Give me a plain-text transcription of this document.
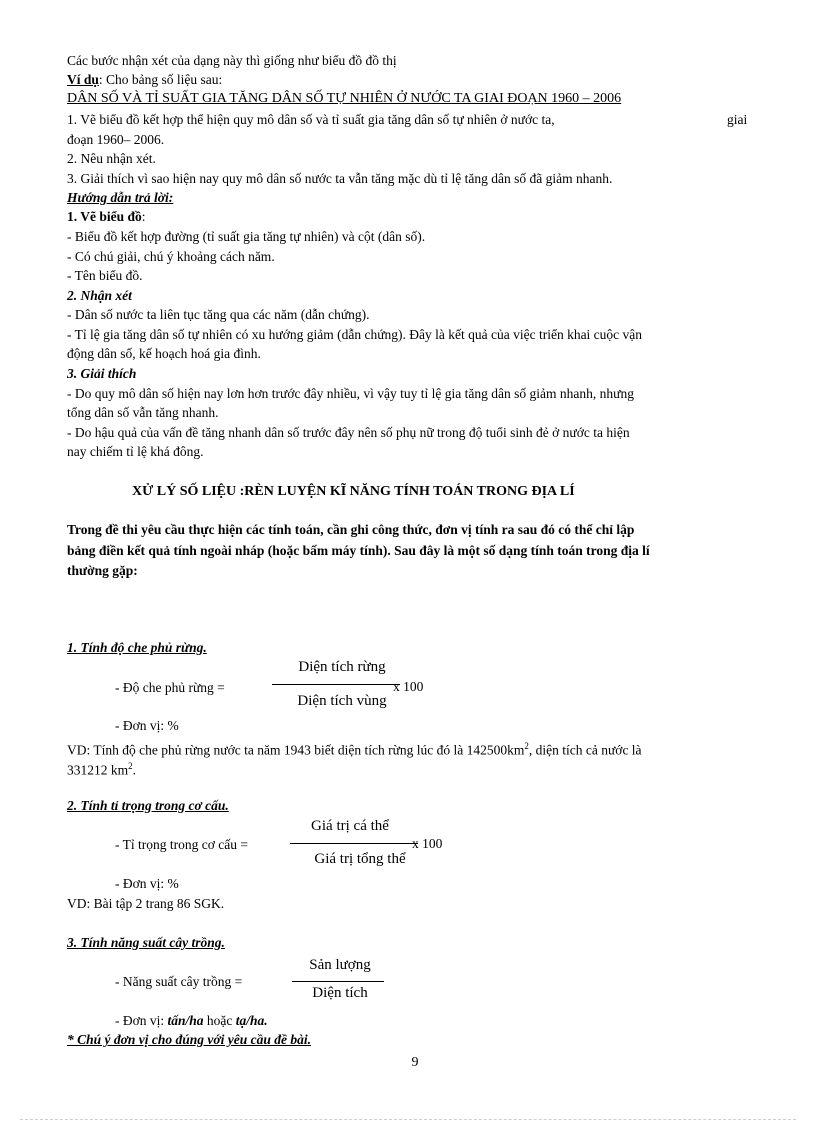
Các bước nhận xét của dạng này thì giống như biểu đồ đồ thị
Ví dụ: Cho bảng số liệu sau:
DÂN SỐ VÀ TỈ SUẤT GIA TĂNG DÂN SỐ TỰ NHIÊN Ở NƯỚC TA GIAI ĐOẠN 1960 – 2006
1. Vẽ biểu đồ kết hợp thể hiện quy mô dân số và tỉ suất gia tăng dân số tự nhiên ở nước ta,	giai
đoạn 1960– 2006.
2. Nêu nhận xét.
3. Giải thích vì sao hiện nay quy mô dân số nước ta vẫn tăng mặc dù tỉ lệ tăng dân số đã giảm nhanh.
Hướng dẫn trả lời:
1. Vẽ biểu đồ:
- Biểu đồ kết hợp đường (tỉ suất gia tăng tự nhiên) và cột (dân số).
- Có chú giải, chú ý khoảng cách năm.
- Tên biểu đồ.
2. Nhận xét
- Dân số nước ta liên tục tăng qua các năm (dẫn chứng).
- Tỉ lệ gia tăng dân số tự nhiên có xu hướng giảm (dẫn chứng). Đây là kết quả của việc triển khai cuộc vận
động dân số, kế hoạch hoá gia đình.
3. Giải thích
- Do quy mô dân số hiện nay lơn hơn trước đây nhiều, vì vậy tuy tỉ lệ gia tăng dân số giảm nhanh, nhưng
tổng dân số vẫn tăng nhanh.
- Do hậu quả của vấn đề tăng nhanh dân số trước đây nên số phụ nữ trong độ tuổi sinh đẻ ở nước ta hiện
nay chiếm tỉ lệ khá đông.
XỬ LÝ SỐ LIỆU :RÈN LUYỆN KĨ NĂNG TÍNH TOÁN TRONG ĐỊA LÍ
Trong đề thi yêu cầu thực hiện các tính toán, cần ghi công thức, đơn vị tính ra sau đó có thể chỉ lập
bảng điền kết quả tính ngoài nháp (hoặc bấm máy tính). Sau đây là một số dạng tính toán trong địa lí
thường gặp:
1. Tính độ che phủ rừng.
- Độ che phủ rừng =
Diện tích rừng
Diện tích vùng
x 100
- Đơn vị: %
VD: Tính độ che phủ rừng nước ta năm 1943 biết diện tích rừng lúc đó là $142500km^2$, diện tích cả nước là
331212 $km^2$.
2. Tính tỉ trọng trong cơ cấu.
- Tỉ trọng trong cơ cấu =
Giá trị cá thể
Giá trị tổng thể
x 100
- Đơn vị: %
VD: Bài tập 2 trang 86 SGK.
3. Tính năng suất cây trồng.
- Năng suất cây trồng =
Sản lượng
Diện tích
- Đơn vị: tấn/ha hoặc tạ/ha.
* Chú ý đơn vị cho đúng với yêu cầu đề bài.
9
